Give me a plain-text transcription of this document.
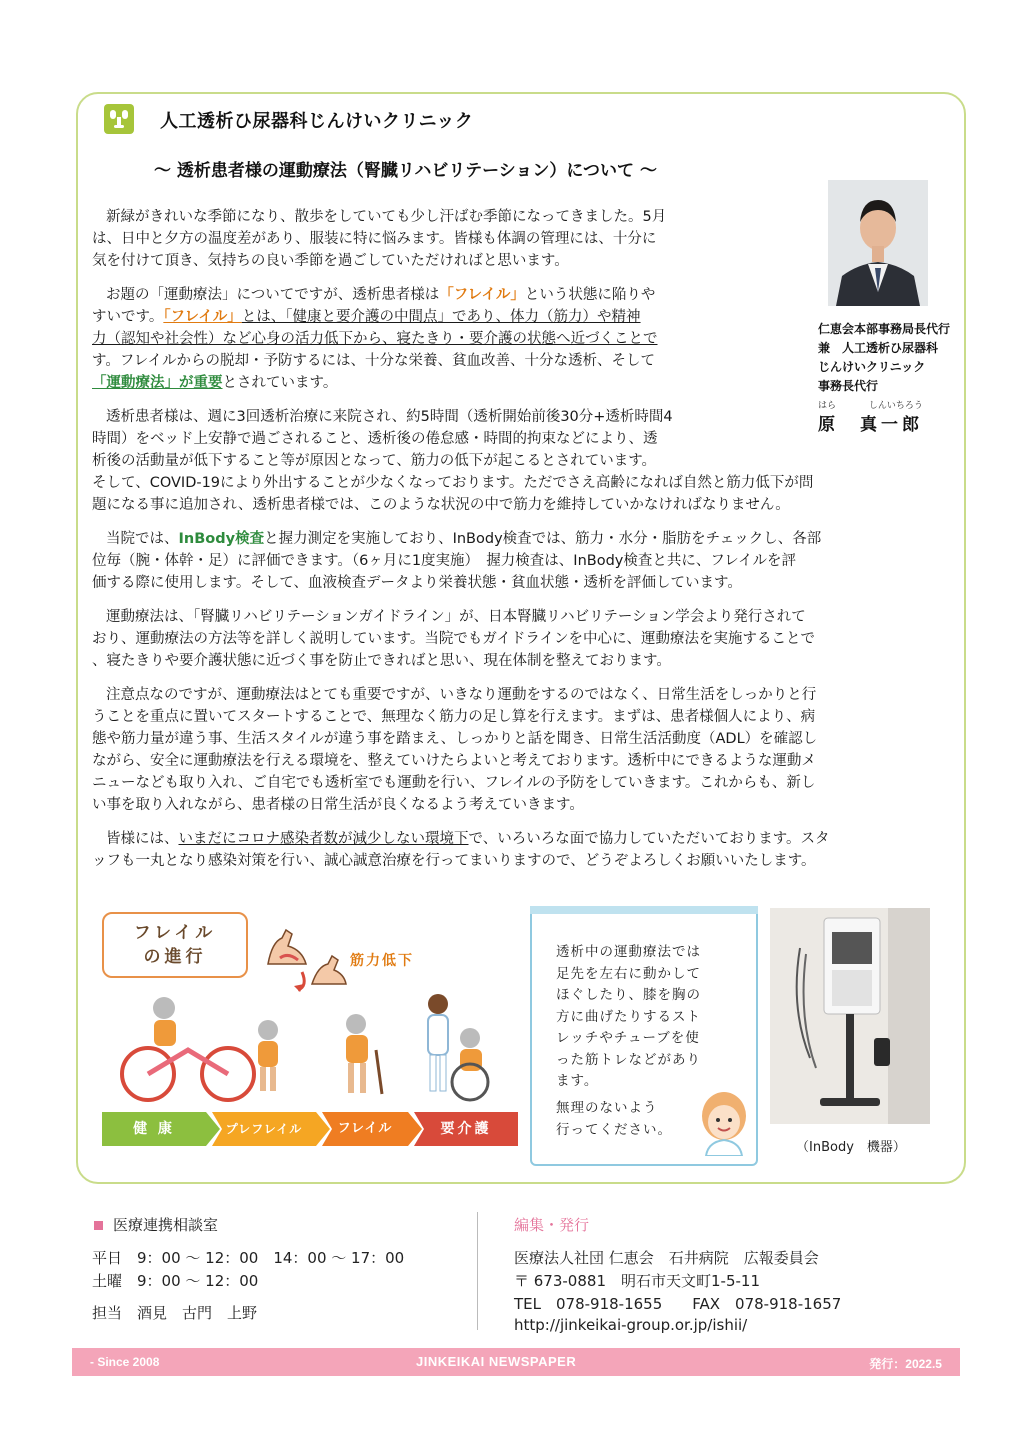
人工透析ひ尿器科じんけいクリニック
～ 透析患者様の運動療法（腎臓リハビリテーション）について ～
仁恵会本部事務局長代行
兼　人工透析ひ尿器科
じんけいクリニック
事務長代行
はら しんいちろう
原　真一郎
新緑がきれいな季節になり、散歩をしていても少し汗ばむ季節になってきました。5月
は、日中と夕方の温度差があり、服装に特に悩みます。皆様も体調の管理には、十分に
気を付けて頂き、気持ちの良い季節を過ごしていただければと思います。
お題の「運動療法」についてですが、透析患者様は「フレイル」という状態に陥りや
すいです。「フレイル」とは、「健康と要介護の中間点」であり、体力（筋力）や精神
力（認知や社会性）など心身の活力低下から、寝たきり・要介護の状態へ近づくことで
す。フレイルからの脱却・予防するには、十分な栄養、貧血改善、十分な透析、そして
「運動療法」が重要とされています。
透析患者様は、週に3回透析治療に来院され、約5時間（透析開始前後30分+透析時間4
時間）をベッド上安静で過ごされること、透析後の倦怠感・時間的拘束などにより、透
析後の活動量が低下すること等が原因となって、筋力の低下が起こるとされています。
そして、COVID-19により外出することが少なくなっております。ただでさえ高齢になれば自然と筋力低下が問
題になる事に追加され、透析患者様では、このような状況の中で筋力を維持していかなければなりません。
当院では、InBody検査と握力測定を実施しており、InBody検査では、筋力・水分・脂肪をチェックし、各部
位毎（腕・体幹・足）に評価できます。（6ヶ月に1度実施）　握力検査は、InBody検査と共に、フレイルを評
価する際に使用します。そして、血液検査データより栄養状態・貧血状態・透析を評価しています。
運動療法は、「腎臓リハビリテーションガイドライン」が、日本腎臓リハビリテーション学会より発行されて
おり、運動療法の方法等を詳しく説明しています。当院でもガイドラインを中心に、運動療法を実施することで
、寝たきりや要介護状態に近づく事を防止できればと思い、現在体制を整えております。
注意点なのですが、運動療法はとても重要ですが、いきなり運動をするのではなく、日常生活をしっかりと行
うことを重点に置いてスタートすることで、無理なく筋力の足し算を行えます。まずは、患者様個人により、病
態や筋力量が違う事、生活スタイルが違う事を踏まえ、しっかりと話を聞き、日常生活活動度（ADL）を確認し
ながら、安全に運動療法を行える環境を、整えていけたらよいと考えております。透析中にできるような運動メ
ニューなども取り入れ、ご自宅でも透析室でも運動を行い、フレイルの予防をしていきます。これからも、新し
い事を取り入れながら、患者様の日常生活が良くなるよう考えていきます。
皆様には、いまだにコロナ感染者数が減少しない環境下で、いろいろな面で協力していただいております。スタ
ッフも一丸となり感染対策を行い、誠心誠意治療を行ってまいりますので、どうぞよろしくお願いいたします。
フレイル
の進行	筋力低下
健 康	プレフレイル	フレイル	要介護
透析中の運動療法では
足先を左右に動かして
ほぐしたり、膝を胸の
方に曲げたりするスト
レッチやチューブを使
った筋トレなどがあり
ます。
無理のないよう
行ってください。
（InBody　機器）
医療連携相談室
平日　9：00 ～ 12：00　14：00 ～ 17：00
土曜　9：00 ～ 12：00
担当　酒見　古門　上野
編集・発行
医療法人社団 仁恵会　石井病院　広報委員会
〒 673-0881　明石市天文町1-5-11
TEL　078-918-1655　　FAX　078-918-1657
http://jinkeikai-group.or.jp/ishii/
- Since 2008	JINKEIKAI NEWSPAPER	発行：2022.5
